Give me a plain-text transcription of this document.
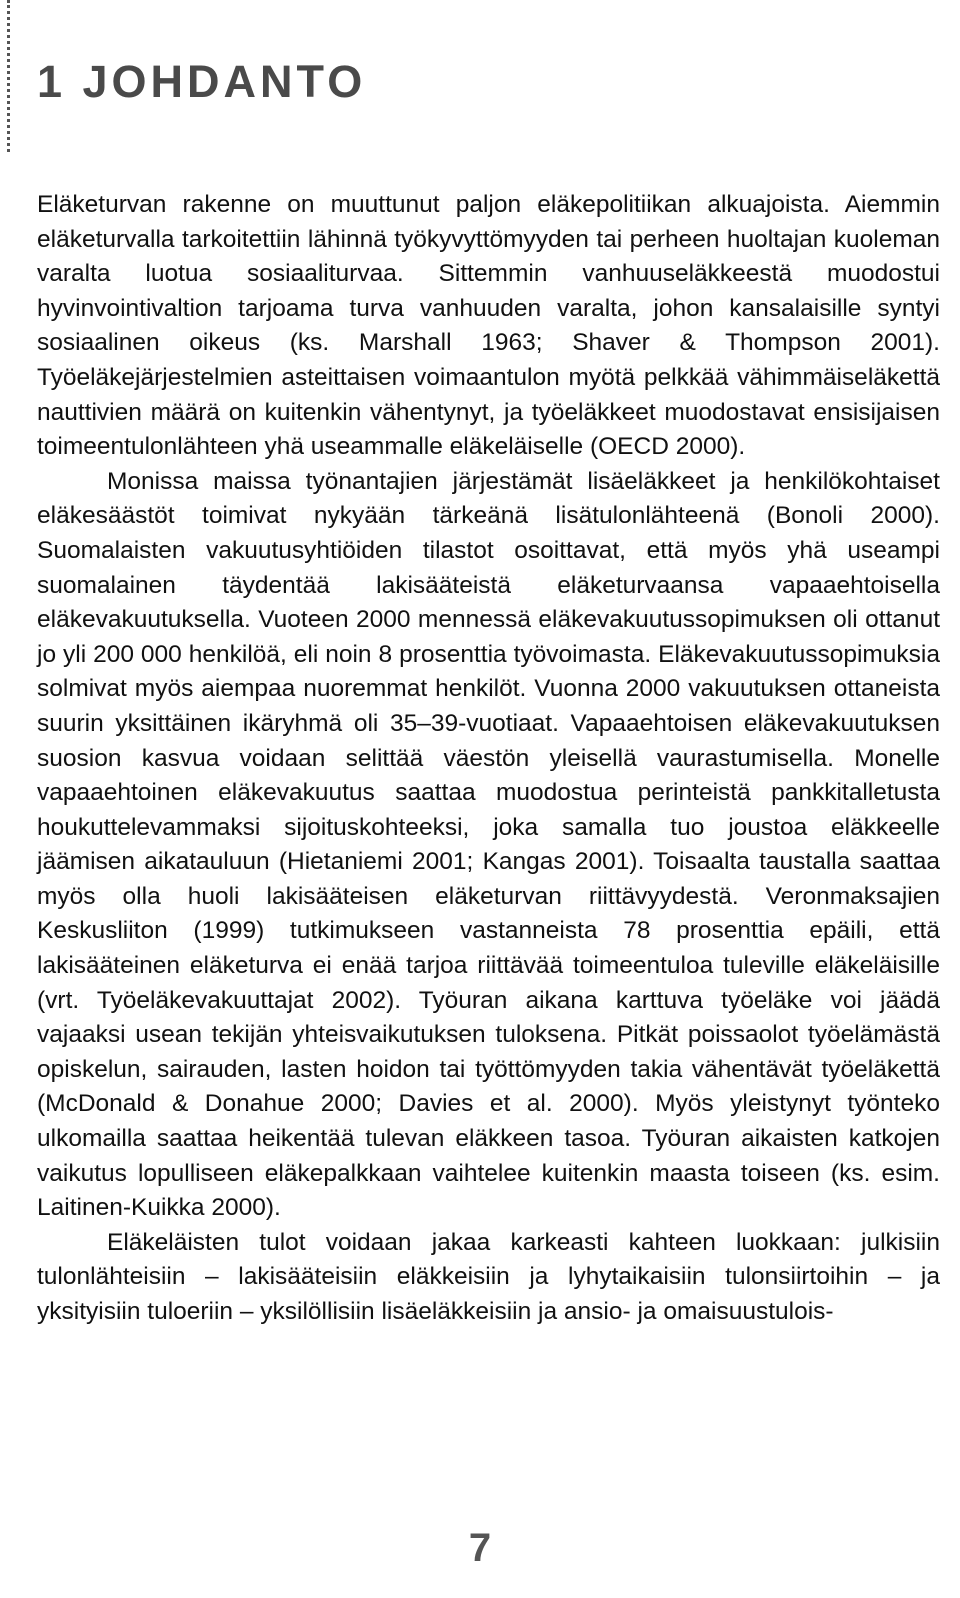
1 JOHDANTO

Eläketurvan rakenne on muuttunut paljon eläkepolitiikan alkuajoista. Aiemmin eläketurvalla tarkoitettiin lähinnä työkyvyttömyyden tai perheen huoltajan kuoleman varalta luotua sosiaaliturvaa. Sittemmin vanhuuseläkkeestä muodostui hyvinvointivaltion tarjoama turva vanhuuden varalta, johon kansalaisille syntyi sosiaalinen oikeus (ks. Marshall 1963; Shaver & Thompson 2001). Työeläkejärjestelmien asteittaisen voimaantulon myötä pelkkää vähimmäiseläkettä nauttivien määrä on kuitenkin vähentynyt, ja työeläkkeet muodostavat ensisijaisen toimeentulonlähteen yhä useammalle eläkeläiselle (OECD 2000).

Monissa maissa työnantajien järjestämät lisäeläkkeet ja henkilökohtaiset eläkesäästöt toimivat nykyään tärkeänä lisätulonlähteenä (Bonoli 2000). Suomalaisten vakuutusyhtiöiden tilastot osoittavat, että myös yhä useampi suomalainen täydentää lakisääteistä eläketurvaansa vapaaehtoisella eläkevakuutuksella. Vuoteen 2000 mennessä eläkevakuutussopimuksen oli ottanut jo yli 200 000 henkilöä, eli noin 8 prosenttia työvoimasta. Eläkevakuutussopimuksia solmivat myös aiempaa nuoremmat henkilöt. Vuonna 2000 vakuutuksen ottaneista suurin yksittäinen ikäryhmä oli 35–39-vuotiaat. Vapaaehtoisen eläkevakuutuksen suosion kasvua voidaan selittää väestön yleisellä vaurastumisella. Monelle vapaaehtoinen eläkevakuutus saattaa muodostua perinteistä pankkitalletusta houkuttelevammaksi sijoituskohteeksi, joka samalla tuo joustoa eläkkeelle jäämisen aikatauluun (Hietaniemi 2001; Kangas 2001). Toisaalta taustalla saattaa myös olla huoli lakisääteisen eläketurvan riittävyydestä. Veronmaksajien Keskusliiton (1999) tutkimukseen vastanneista 78 prosenttia epäili, että lakisääteinen eläketurva ei enää tarjoa riittävää toimeentuloa tuleville eläkeläisille (vrt. Työeläkevakuuttajat 2002). Työuran aikana karttuva työeläke voi jäädä vajaaksi usean tekijän yhteisvaikutuksen tuloksena. Pitkät poissaolot työelämästä opiskelun, sairauden, lasten hoidon tai työttömyyden takia vähentävät työeläkettä (McDonald & Donahue 2000; Davies et al. 2000). Myös yleistynyt työnteko ulkomailla saattaa heikentää tulevan eläkkeen tasoa. Työuran aikaisten katkojen vaikutus lopulliseen eläkepalkkaan vaihtelee kuitenkin maasta toiseen (ks. esim. Laitinen-Kuikka 2000).

Eläkeläisten tulot voidaan jakaa karkeasti kahteen luokkaan: julkisiin tulonlähteisiin – lakisääteisiin eläkkeisiin ja lyhytaikaisiin tulonsiirtoihin – ja yksityisiin tuloeriin – yksilöllisiin lisäeläkkeisiin ja ansio- ja omaisuustulois-

7
